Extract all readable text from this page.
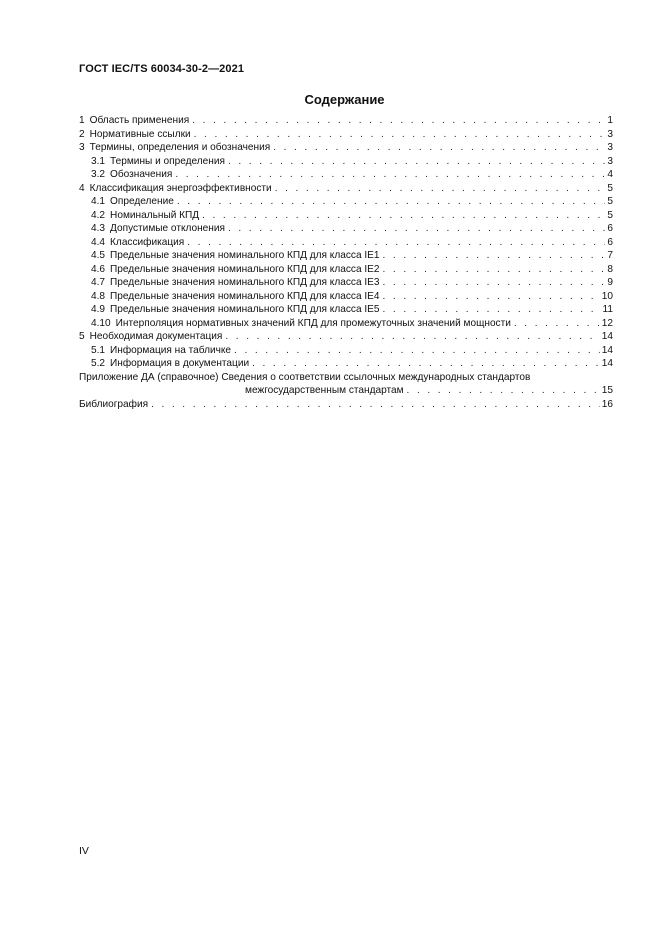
ГОСТ IEC/TS 60034-30-2—2021
Содержание
1 Область применения . . .	1
2 Нормативные ссылки . . .	3
3 Термины, определения и обозначения . . .	3
3.1 Термины и определения . . .	3
3.2 Обозначения . . .	4
4 Классификация энергоэффективности . . .	5
4.1 Определение . . .	5
4.2 Номинальный КПД . . .	5
4.3 Допустимые отклонения . . .	6
4.4 Классификация . . .	6
4.5 Предельные значения номинального КПД для класса IE1 . . .	7
4.6 Предельные значения номинального КПД для класса IE2 . . .	8
4.7 Предельные значения номинального КПД для класса IE3 . . .	9
4.8 Предельные значения номинального КПД для класса IE4 . . .	10
4.9 Предельные значения номинального КПД для класса IE5 . . .	11
4.10 Интерполяция нормативных значений КПД для промежуточных значений мощности . . .	12
5 Необходимая документация . . .	14
5.1 Информация на табличке . . .	14
5.2 Информация в документации . . .	14
Приложение ДА (справочное) Сведения о соответствии ссылочных международных стандартов
межгосударственным стандартам . . .	15
Библиография . . .	16
IV
